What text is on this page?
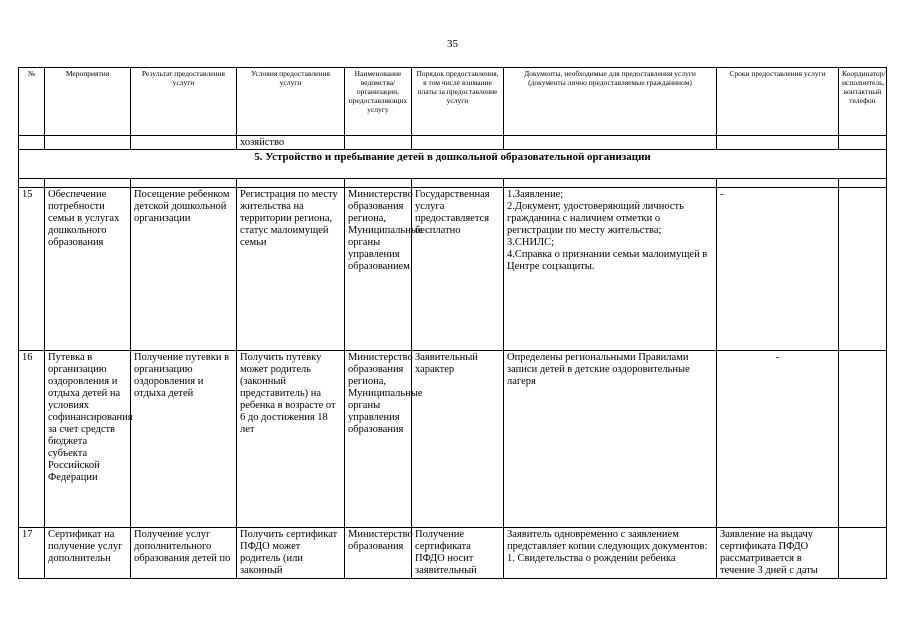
35
№	Мероприятия	Результат предоставления услуги	Условия предоставления услуги	Наименование ведомства/ организации, предоставляющих услугу	Порядок предоставления, в том числе взимание платы за предоставление услуги	Документы, необходимые для предоставления услуги (документы лично предоставляемые гражданином)	Сроки предоставления услуги	Координатор/ исполнитель, контактный телефон
			хозяйство					
5. Устройство и пребывание детей в дошкольной образовательной организации								

15	Обеспечение потребности семьи в услугах дошкольного образования	Посещение ребенком детской дошкольной организации	Регистрация по месту жительства на территории региона, статус малоимущей семьи	Министерство образования региона, Муниципальные органы управления образованием	Государственная услуга предоставляется бесплатно	1.Заявление;
2.Документ, удостоверяющий личность гражданина с наличием отметки о регистрации по месту жительства;
3.СНИЛС;
4.Справка о признании семьи малоимущей в Центре соцзащиты.	-	
16	Путевка в организацию оздоровления и отдыха детей на условиях софинансирования за счет средств бюджета субъекта Российской Федерации	Получение путевки в организацию оздоровления и отдыха детей	Получить путевку может родитель (законный представитель) на ребенка в возрасте от 6 до достижения 18 лет	Министерство образования региона, Муниципальные органы управления образования	Заявительный характер	Определены региональными Правилами записи детей в детские оздоровительные лагеря	-	
17	Сертификат на получение услуг дополнительн	Получение услуг дополнительного образования детей по	Получить сертификат ПФДО может родитель (или законный	Министерство образования	Получение сертификата ПФДО носит заявительный	Заявитель одновременно с заявлением представляет копии следующих документов:
1. Свидетельства о рождении ребенка	Заявление на выдачу сертификата ПФДО рассматривается в течение 3 дней с даты	
